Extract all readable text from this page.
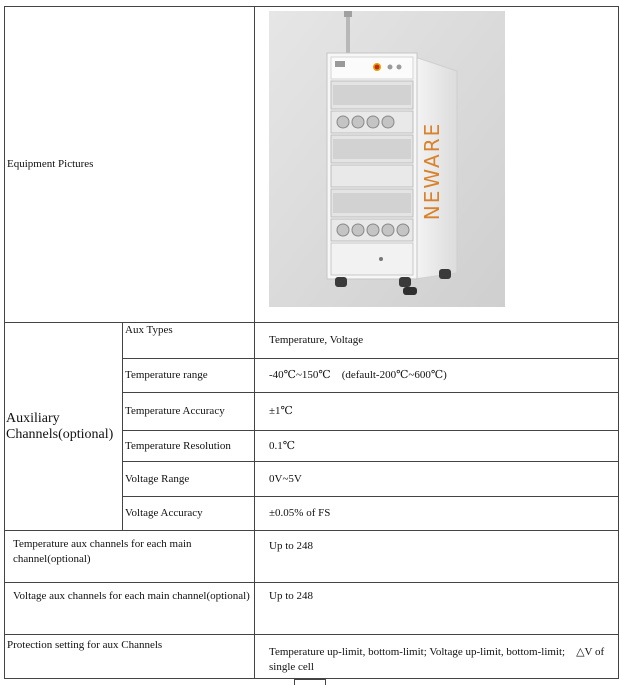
Equipment Pictures		NEWARE

Auxiliary Channels(optional)	Aux Types	Temperature, Voltage
	Temperature range	-40℃~150℃　(default-200℃~600℃)
	Temperature Accuracy	±1℃
	Temperature Resolution	0.1℃
	Voltage Range	0V~5V
	Voltage Accuracy	±0.05% of FS

Temperature aux channels for each main channel(optional)		Up to 248

Voltage aux channels for each main channel(optional)		Up to 248
Protection setting for aux Channels		Temperature up-limit, bottom-limit; Voltage up-limit, bottom-limit;　△V of single cell
